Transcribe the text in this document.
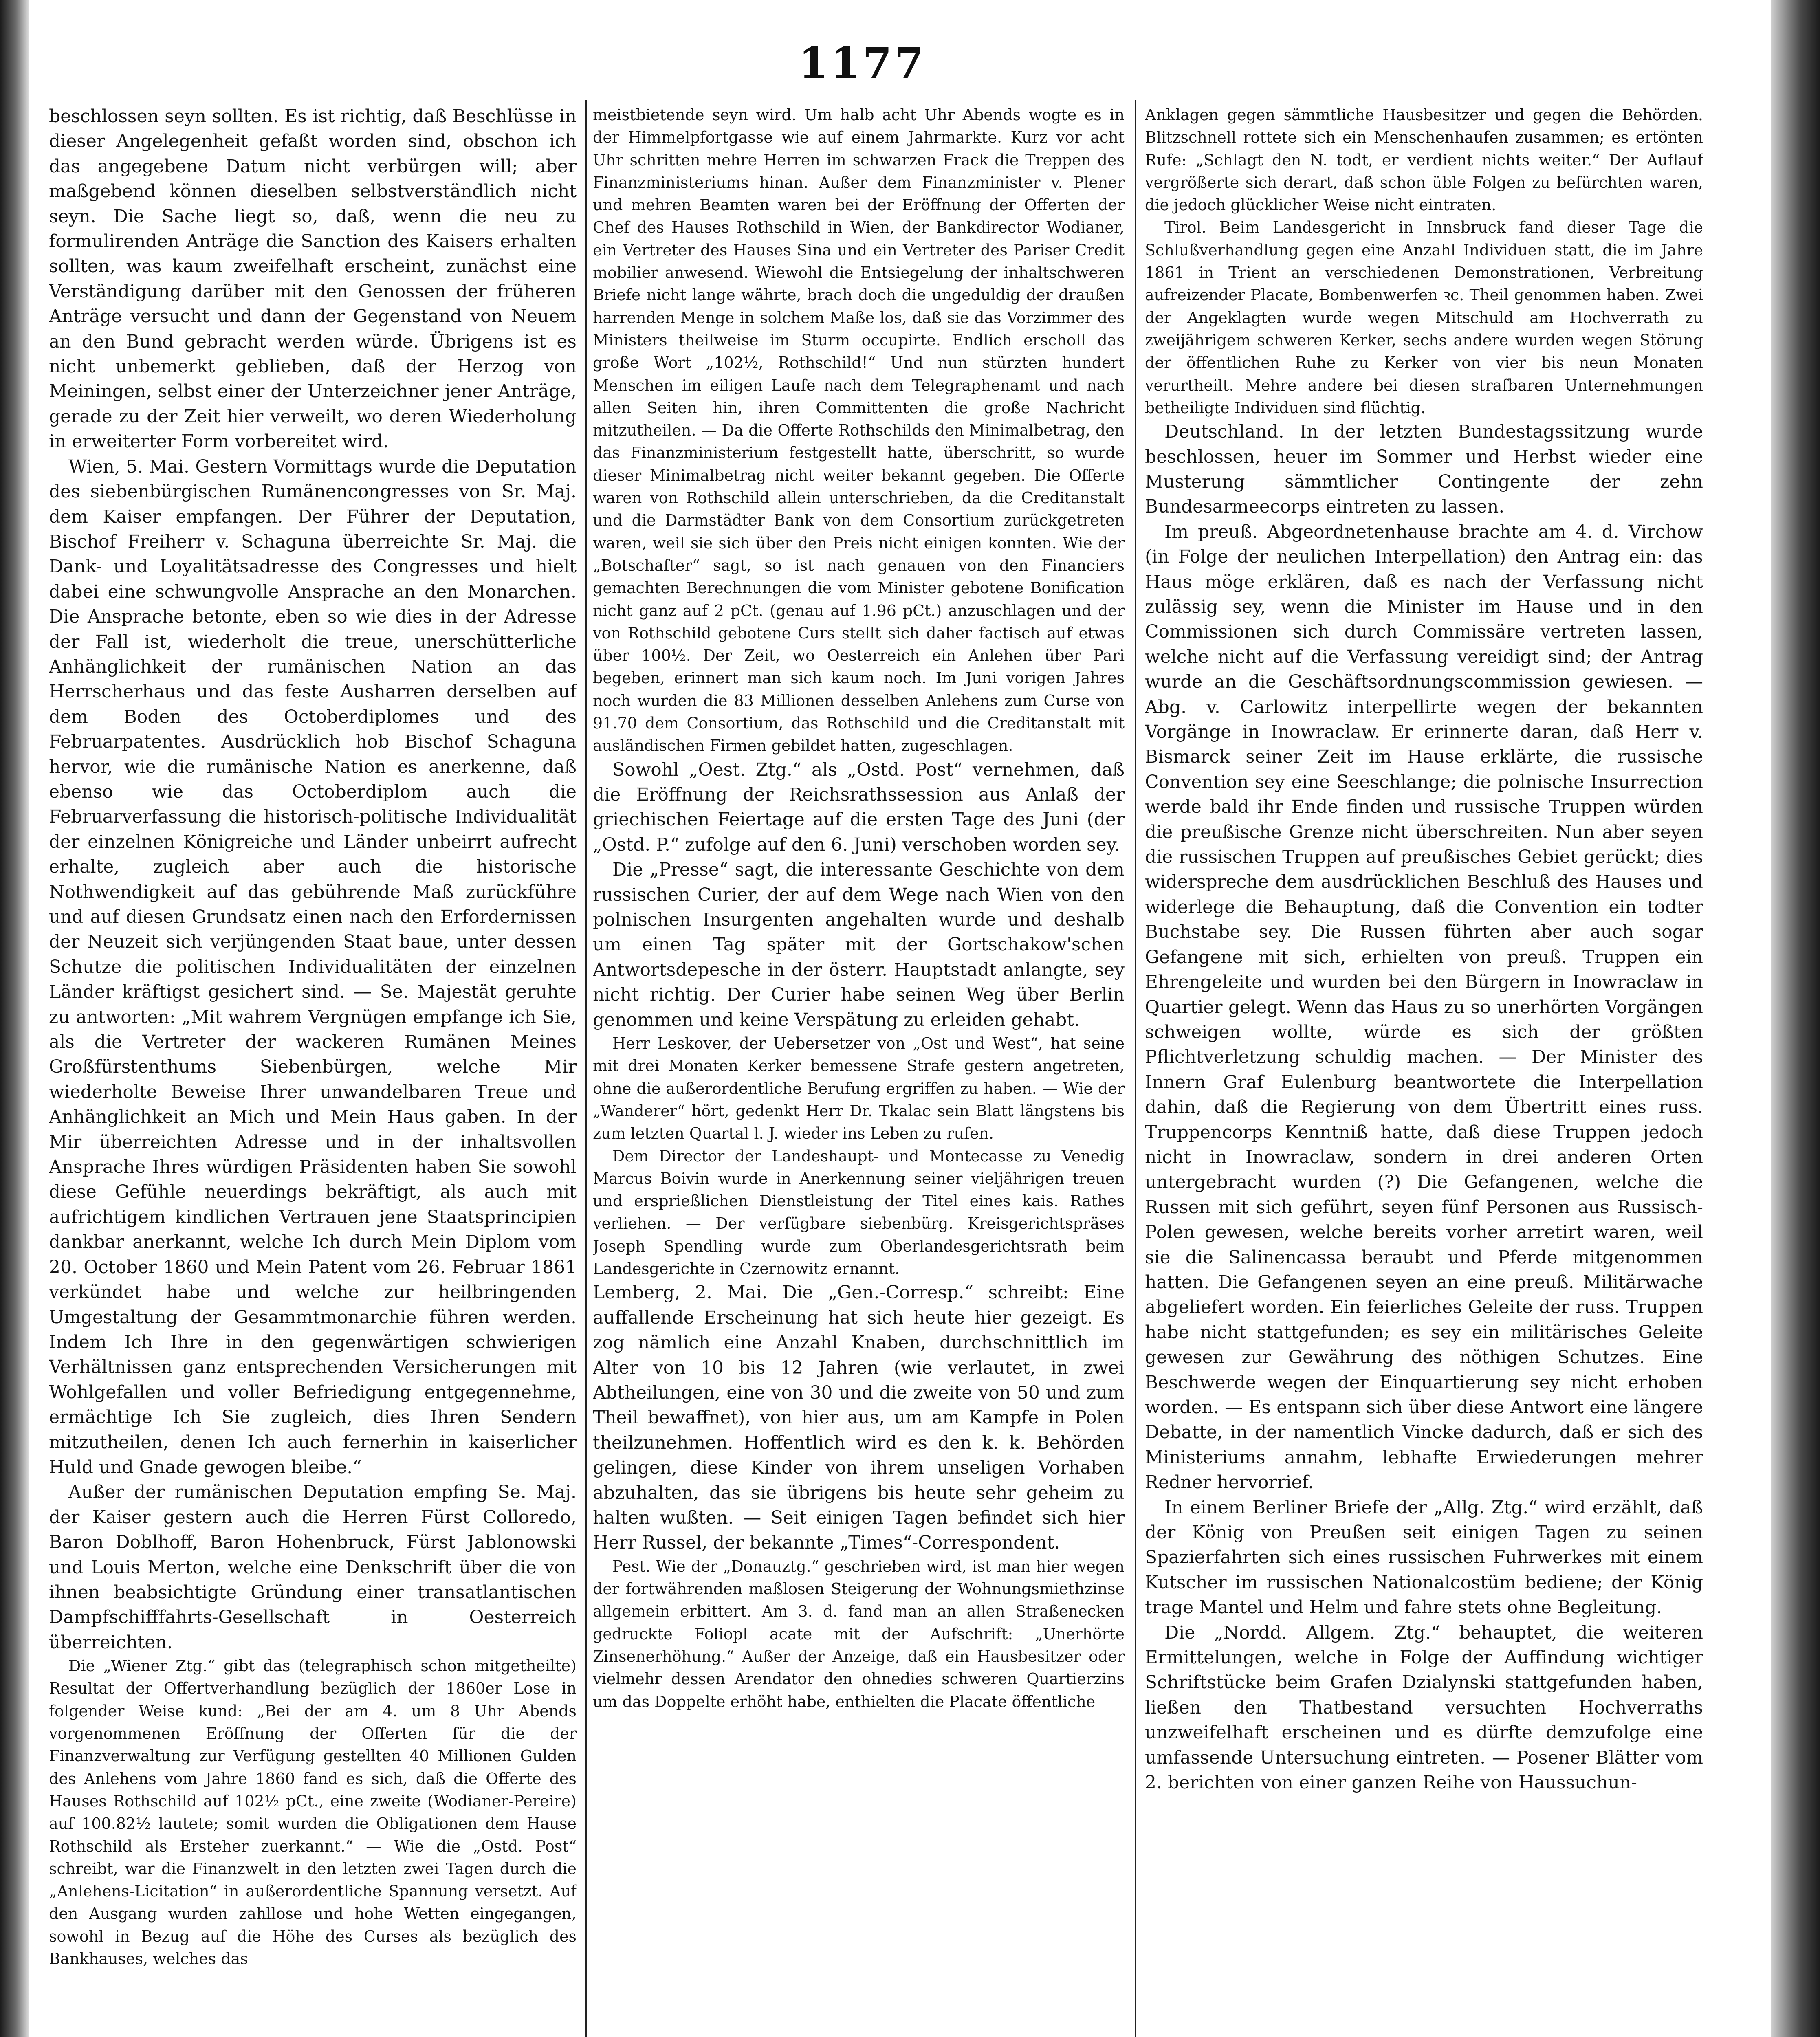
1177

beschlossen seyn sollten. Es ist richtig, daß Beschlüsse in dieser Angelegenheit gefaßt worden sind, obschon ich das angegebene Datum nicht verbürgen will; aber maßgebend können dieselben selbstverständlich nicht seyn. Die Sache liegt so, daß, wenn die neu zu formulirenden Anträge die Sanction des Kaisers erhalten sollten, was kaum zweifelhaft erscheint, zunächst eine Verständigung darüber mit den Genossen der früheren Anträge versucht und dann der Gegenstand von Neuem an den Bund gebracht werden würde. Übrigens ist es nicht unbemerkt geblieben, daß der Herzog von Meiningen, selbst einer der Unterzeichner jener Anträge, gerade zu der Zeit hier verweilt, wo deren Wiederholung in erweiterter Form vorbereitet wird.

Wien, 5. Mai. Gestern Vormittags wurde die Deputation des siebenbürgischen Rumänencongresses von Sr. Maj. dem Kaiser empfangen. Der Führer der Deputation, Bischof Freiherr v. Schaguna überreichte Sr. Maj. die Dank- und Loyalitätsadresse des Congresses und hielt dabei eine schwungvolle Ansprache an den Monarchen. Die Ansprache betonte, eben so wie dies in der Adresse der Fall ist, wiederholt die treue, unerschütterliche Anhänglichkeit der rumänischen Nation an das Herrscherhaus und das feste Ausharren derselben auf dem Boden des Octoberdiplomes und des Februarpatentes. Ausdrücklich hob Bischof Schaguna hervor, wie die rumänische Nation es anerkenne, daß ebenso wie das Octoberdiplom auch die Februarverfassung die historisch-politische Individualität der einzelnen Königreiche und Länder unbeirrt aufrecht erhalte, zugleich aber auch die historische Nothwendigkeit auf das gebührende Maß zurückführe und auf diesen Grundsatz einen nach den Erfordernissen der Neuzeit sich verjüngenden Staat baue, unter dessen Schutze die politischen Individualitäten der einzelnen Länder kräftigst gesichert sind. — Se. Majestät geruhte zu antworten: „Mit wahrem Vergnügen empfange ich Sie, als die Vertreter der wackeren Rumänen Meines Großfürstenthums Siebenbürgen, welche Mir wiederholte Beweise Ihrer unwandelbaren Treue und Anhänglichkeit an Mich und Mein Haus gaben. In der Mir überreichten Adresse und in der inhaltsvollen Ansprache Ihres würdigen Präsidenten haben Sie sowohl diese Gefühle neuerdings bekräftigt, als auch mit aufrichtigem kindlichen Vertrauen jene Staatsprincipien dankbar anerkannt, welche Ich durch Mein Diplom vom 20. October 1860 und Mein Patent vom 26. Februar 1861 verkündet habe und welche zur heilbringenden Umgestaltung der Gesammtmonarchie führen werden. Indem Ich Ihre in den gegenwärtigen schwierigen Verhältnissen ganz entsprechenden Versicherungen mit Wohlgefallen und voller Befriedigung entgegennehme, ermächtige Ich Sie zugleich, dies Ihren Sendern mitzutheilen, denen Ich auch fernerhin in kaiserlicher Huld und Gnade gewogen bleibe.“

Außer der rumänischen Deputation empfing Se. Maj. der Kaiser gestern auch die Herren Fürst Colloredo, Baron Doblhoff, Baron Hohenbruck, Fürst Jablonowski und Louis Merton, welche eine Denkschrift über die von ihnen beabsichtigte Gründung einer transatlantischen Dampfschifffahrts-Gesellschaft in Oesterreich überreichten.

Die „Wiener Ztg.“ gibt das (telegraphisch schon mitgetheilte) Resultat der Offertverhandlung bezüglich der 1860er Lose in folgender Weise kund: „Bei der am 4. um 8 Uhr Abends vorgenommenen Eröffnung der Offerten für die der Finanzverwaltung zur Verfügung gestellten 40 Millionen Gulden des Anlehens vom Jahre 1860 fand es sich, daß die Offerte des Hauses Rothschild auf 102½ pCt., eine zweite (Wodianer-Pereire) auf 100.82½ lautete; somit wurden die Obligationen dem Hause Rothschild als Ersteher zuerkannt.“ — Wie die „Ostd. Post“ schreibt, war die Finanzwelt in den letzten zwei Tagen durch die „Anlehens-Licitation“ in außerordentliche Spannung versetzt. Auf den Ausgang wurden zahllose und hohe Wetten eingegangen, sowohl in Bezug auf die Höhe des Curses als bezüglich des Bankhauses, welches das

meistbietende seyn wird. Um halb acht Uhr Abends wogte es in der Himmelpfortgasse wie auf einem Jahrmarkte. Kurz vor acht Uhr schritten mehre Herren im schwarzen Frack die Treppen des Finanzministeriums hinan. Außer dem Finanzminister v. Plener und mehren Beamten waren bei der Eröffnung der Offerten der Chef des Hauses Rothschild in Wien, der Bankdirector Wodianer, ein Vertreter des Hauses Sina und ein Vertreter des Pariser Credit mobilier anwesend. Wiewohl die Entsiegelung der inhaltschweren Briefe nicht lange währte, brach doch die ungeduldig der draußen harrenden Menge in solchem Maße los, daß sie das Vorzimmer des Ministers theilweise im Sturm occupirte. Endlich erscholl das große Wort „102½, Rothschild!“ Und nun stürzten hundert Menschen im eiligen Laufe nach dem Telegraphenamt und nach allen Seiten hin, ihren Committenten die große Nachricht mitzutheilen. — Da die Offerte Rothschilds den Minimalbetrag, den das Finanzministerium festgestellt hatte, überschritt, so wurde dieser Minimalbetrag nicht weiter bekannt gegeben. Die Offerte waren von Rothschild allein unterschrieben, da die Creditanstalt und die Darmstädter Bank von dem Consortium zurückgetreten waren, weil sie sich über den Preis nicht einigen konnten. Wie der „Botschafter“ sagt, so ist nach genauen von den Financiers gemachten Berechnungen die vom Minister gebotene Bonification nicht ganz auf 2 pCt. (genau auf 1.96 pCt.) anzuschlagen und der von Rothschild gebotene Curs stellt sich daher factisch auf etwas über 100½. Der Zeit, wo Oesterreich ein Anlehen über Pari begeben, erinnert man sich kaum noch. Im Juni vorigen Jahres noch wurden die 83 Millionen desselben Anlehens zum Curse von 91.70 dem Consortium, das Rothschild und die Creditanstalt mit ausländischen Firmen gebildet hatten, zugeschlagen.

Sowohl „Oest. Ztg.“ als „Ostd. Post“ vernehmen, daß die Eröffnung der Reichsrathssession aus Anlaß der griechischen Feiertage auf die ersten Tage des Juni (der „Ostd. P.“ zufolge auf den 6. Juni) verschoben worden sey.

Die „Presse“ sagt, die interessante Geschichte von dem russischen Curier, der auf dem Wege nach Wien von den polnischen Insurgenten angehalten wurde und deshalb um einen Tag später mit der Gortschakow'schen Antwortsdepesche in der österr. Hauptstadt anlangte, sey nicht richtig. Der Curier habe seinen Weg über Berlin genommen und keine Verspätung zu erleiden gehabt.

Herr Leskover, der Uebersetzer von „Ost und West“, hat seine mit drei Monaten Kerker bemessene Strafe gestern angetreten, ohne die außerordentliche Berufung ergriffen zu haben. — Wie der „Wanderer“ hört, gedenkt Herr Dr. Tkalac sein Blatt längstens bis zum letzten Quartal l. J. wieder ins Leben zu rufen.

Dem Director der Landeshaupt- und Montecasse zu Venedig Marcus Boivin wurde in Anerkennung seiner vieljährigen treuen und ersprießlichen Dienstleistung der Titel eines kais. Rathes verliehen. — Der verfügbare siebenbürg. Kreisgerichtspräses Joseph Spendling wurde zum Oberlandesgerichtsrath beim Landesgerichte in Czernowitz ernannt.

Lemberg, 2. Mai. Die „Gen.-Corresp.“ schreibt: Eine auffallende Erscheinung hat sich heute hier gezeigt. Es zog nämlich eine Anzahl Knaben, durchschnittlich im Alter von 10 bis 12 Jahren (wie verlautet, in zwei Abtheilungen, eine von 30 und die zweite von 50 und zum Theil bewaffnet), von hier aus, um am Kampfe in Polen theilzunehmen. Hoffentlich wird es den k. k. Behörden gelingen, diese Kinder von ihrem unseligen Vorhaben abzuhalten, das sie übrigens bis heute sehr geheim zu halten wußten. — Seit einigen Tagen befindet sich hier Herr Russel, der bekannte „Times“-Correspondent.

Pest. Wie der „Donauztg.“ geschrieben wird, ist man hier wegen der fortwährenden maßlosen Steigerung der Wohnungsmiethzinse allgemein erbittert. Am 3. d. fand man an allen Straßenecken gedruckte Foliopl acate mit der Aufschrift: „Unerhörte Zinsenerhöhung.“ Außer der Anzeige, daß ein Hausbesitzer oder vielmehr dessen Arendator den ohnedies schweren Quartierzins um das Doppelte erhöht habe, enthielten die Placate öffentliche

Anklagen gegen sämmtliche Hausbesitzer und gegen die Behörden. Blitzschnell rottete sich ein Menschenhaufen zusammen; es ertönten Rufe: „Schlagt den N. todt, er verdient nichts weiter.“ Der Auflauf vergrößerte sich derart, daß schon üble Folgen zu befürchten waren, die jedoch glücklicher Weise nicht eintraten.

Tirol. Beim Landesgericht in Innsbruck fand dieser Tage die Schlußverhandlung gegen eine Anzahl Individuen statt, die im Jahre 1861 in Trient an verschiedenen Demonstrationen, Verbreitung aufreizender Placate, Bombenwerfen ꝛc. Theil genommen haben. Zwei der Angeklagten wurde wegen Mitschuld am Hochverrath zu zweijährigem schweren Kerker, sechs andere wurden wegen Störung der öffentlichen Ruhe zu Kerker von vier bis neun Monaten verurtheilt. Mehre andere bei diesen strafbaren Unternehmungen betheiligte Individuen sind flüchtig.

Deutschland. In der letzten Bundestagssitzung wurde beschlossen, heuer im Sommer und Herbst wieder eine Musterung sämmtlicher Contingente der zehn Bundesarmeecorps eintreten zu lassen.

Im preuß. Abgeordnetenhause brachte am 4. d. Virchow (in Folge der neulichen Interpellation) den Antrag ein: das Haus möge erklären, daß es nach der Verfassung nicht zulässig sey, wenn die Minister im Hause und in den Commissionen sich durch Commissäre vertreten lassen, welche nicht auf die Verfassung vereidigt sind; der Antrag wurde an die Geschäftsordnungscommission gewiesen. — Abg. v. Carlowitz interpellirte wegen der bekannten Vorgänge in Inowraclaw. Er erinnerte daran, daß Herr v. Bismarck seiner Zeit im Hause erklärte, die russische Convention sey eine Seeschlange; die polnische Insurrection werde bald ihr Ende finden und russische Truppen würden die preußische Grenze nicht überschreiten. Nun aber seyen die russischen Truppen auf preußisches Gebiet gerückt; dies widerspreche dem ausdrücklichen Beschluß des Hauses und widerlege die Behauptung, daß die Convention ein todter Buchstabe sey. Die Russen führten aber auch sogar Gefangene mit sich, erhielten von preuß. Truppen ein Ehrengeleite und wurden bei den Bürgern in Inowraclaw in Quartier gelegt. Wenn das Haus zu so unerhörten Vorgängen schweigen wollte, würde es sich der größten Pflichtverletzung schuldig machen. — Der Minister des Innern Graf Eulenburg beantwortete die Interpellation dahin, daß die Regierung von dem Übertritt eines russ. Truppencorps Kenntniß hatte, daß diese Truppen jedoch nicht in Inowraclaw, sondern in drei anderen Orten untergebracht wurden (?) Die Gefangenen, welche die Russen mit sich geführt, seyen fünf Personen aus Russisch-Polen gewesen, welche bereits vorher arretirt waren, weil sie die Salinencassa beraubt und Pferde mitgenommen hatten. Die Gefangenen seyen an eine preuß. Militärwache abgeliefert worden. Ein feierliches Geleite der russ. Truppen habe nicht stattgefunden; es sey ein militärisches Geleite gewesen zur Gewährung des nöthigen Schutzes. Eine Beschwerde wegen der Einquartierung sey nicht erhoben worden. — Es entspann sich über diese Antwort eine längere Debatte, in der namentlich Vincke dadurch, daß er sich des Ministeriums annahm, lebhafte Erwiederungen mehrer Redner hervorrief.

In einem Berliner Briefe der „Allg. Ztg.“ wird erzählt, daß der König von Preußen seit einigen Tagen zu seinen Spazierfahrten sich eines russischen Fuhrwerkes mit einem Kutscher im russischen Nationalcostüm bediene; der König trage Mantel und Helm und fahre stets ohne Begleitung.

Die „Nordd. Allgem. Ztg.“ behauptet, die weiteren Ermittelungen, welche in Folge der Auffindung wichtiger Schriftstücke beim Grafen Dzialynski stattgefunden haben, ließen den Thatbestand versuchten Hochverraths unzweifelhaft erscheinen und es dürfte demzufolge eine umfassende Untersuchung eintreten. — Posener Blätter vom 2. berichten von einer ganzen Reihe von Haussuchun-
